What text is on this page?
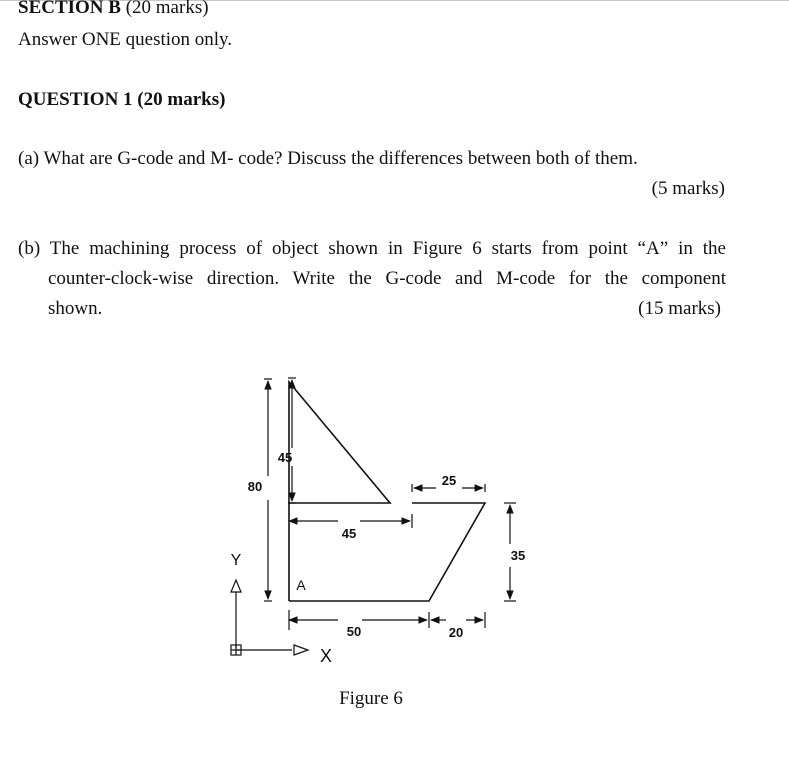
SECTION B (20 marks)
Answer ONE question only.
QUESTION 1 (20 marks)
(a) What are G-code and M- code? Discuss the differences between both of them.
(5 marks)
(b) The machining process of object shown in Figure 6 starts from point “A” in the
counter-clock-wise direction. Write the G-code and M-code for the component
shown.	(15 marks)
80
45
45
25
35
50	20
A
Y
X
Figure 6
